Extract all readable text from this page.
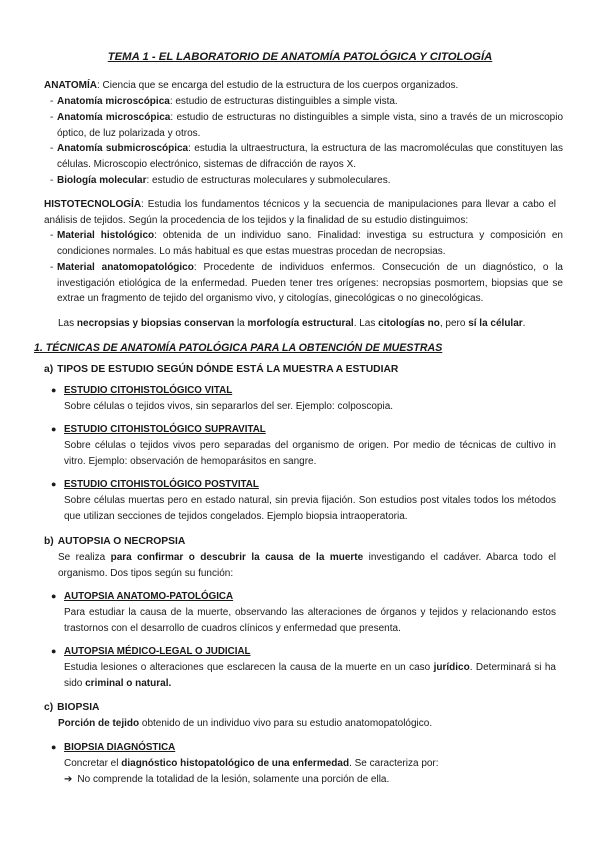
TEMA 1 - EL LABORATORIO DE ANATOMÍA PATOLÓGICA Y CITOLOGÍA
ANATOMÍA: Ciencia que se encarga del estudio de la estructura de los cuerpos organizados.
- Anatomía microscópica: estudio de estructuras distinguibles a simple vista.
- Anatomía microscópica: estudio de estructuras no distinguibles a simple vista, sino a través de un microscopio óptico, de luz polarizada y otros.
- Anatomía submicroscópica: estudia la ultraestructura, la estructura de las macromoléculas que constituyen las células. Microscopio electrónico, sistemas de difracción de rayos X.
- Biología molecular: estudio de estructuras moleculares y submoleculares.
HISTOTECNOLOGÍA: Estudia los fundamentos técnicos y la secuencia de manipulaciones para llevar a cabo el análisis de tejidos. Según la procedencia de los tejidos y la finalidad de su estudio distinguimos:
- Material histológico: obtenida de un individuo sano. Finalidad: investiga su estructura y composición en condiciones normales. Lo más habitual es que estas muestras procedan de necropsias.
- Material anatomopatológico: Procedente de individuos enfermos. Consecución de un diagnóstico, o la investigación etiológica de la enfermedad. Pueden tener tres orígenes: necropsias posmortem, biopsias que se extrae un fragmento de tejido del organismo vivo, y citologías, ginecológicas o no ginecológicas.
Las necropsias y biopsias conservan la morfología estructural. Las citologías no, pero sí la célular.
1. TÉCNICAS DE ANATOMÍA PATOLÓGICA PARA LA OBTENCIÓN DE MUESTRAS
a) TIPOS DE ESTUDIO SEGÚN DÓNDE ESTÁ LA MUESTRA A ESTUDIAR
● ESTUDIO CITOHISTOLÓGICO VITAL
Sobre células o tejidos vivos, sin separarlos del ser. Ejemplo: colposcopia.
● ESTUDIO CITOHISTOLÓGICO SUPRAVITAL
Sobre células o tejidos vivos pero separadas del organismo de origen. Por medio de técnicas de cultivo in vitro. Ejemplo: observación de hemoparásitos en sangre.
● ESTUDIO CITOHISTOLÓGICO POSTVITAL
Sobre células muertas pero en estado natural, sin previa fijación. Son estudios post vitales todos los métodos que utilizan secciones de tejidos congelados. Ejemplo biopsia intraoperatoria.
b) AUTOPSIA O NECROPSIA
Se realiza para confirmar o descubrir la causa de la muerte investigando el cadáver. Abarca todo el organismo. Dos tipos según su función:
● AUTOPSIA ANATOMO-PATOLÓGICA
Para estudiar la causa de la muerte, observando las alteraciones de órganos y tejidos y relacionando estos trastornos con el desarrollo de cuadros clínicos y enfermedad que presenta.
● AUTOPSIA MÉDICO-LEGAL O JUDICIAL
Estudia lesiones o alteraciones que esclarecen la causa de la muerte en un caso jurídico. Determinará si ha sido criminal o natural.
c) BIOPSIA
Porción de tejido obtenido de un individuo vivo para su estudio anatomopatológico.
● BIOPSIA DIAGNÓSTICA
Concretar el diagnóstico histopatológico de una enfermedad. Se caracteriza por:
➔ No comprende la totalidad de la lesión, solamente una porción de ella.
